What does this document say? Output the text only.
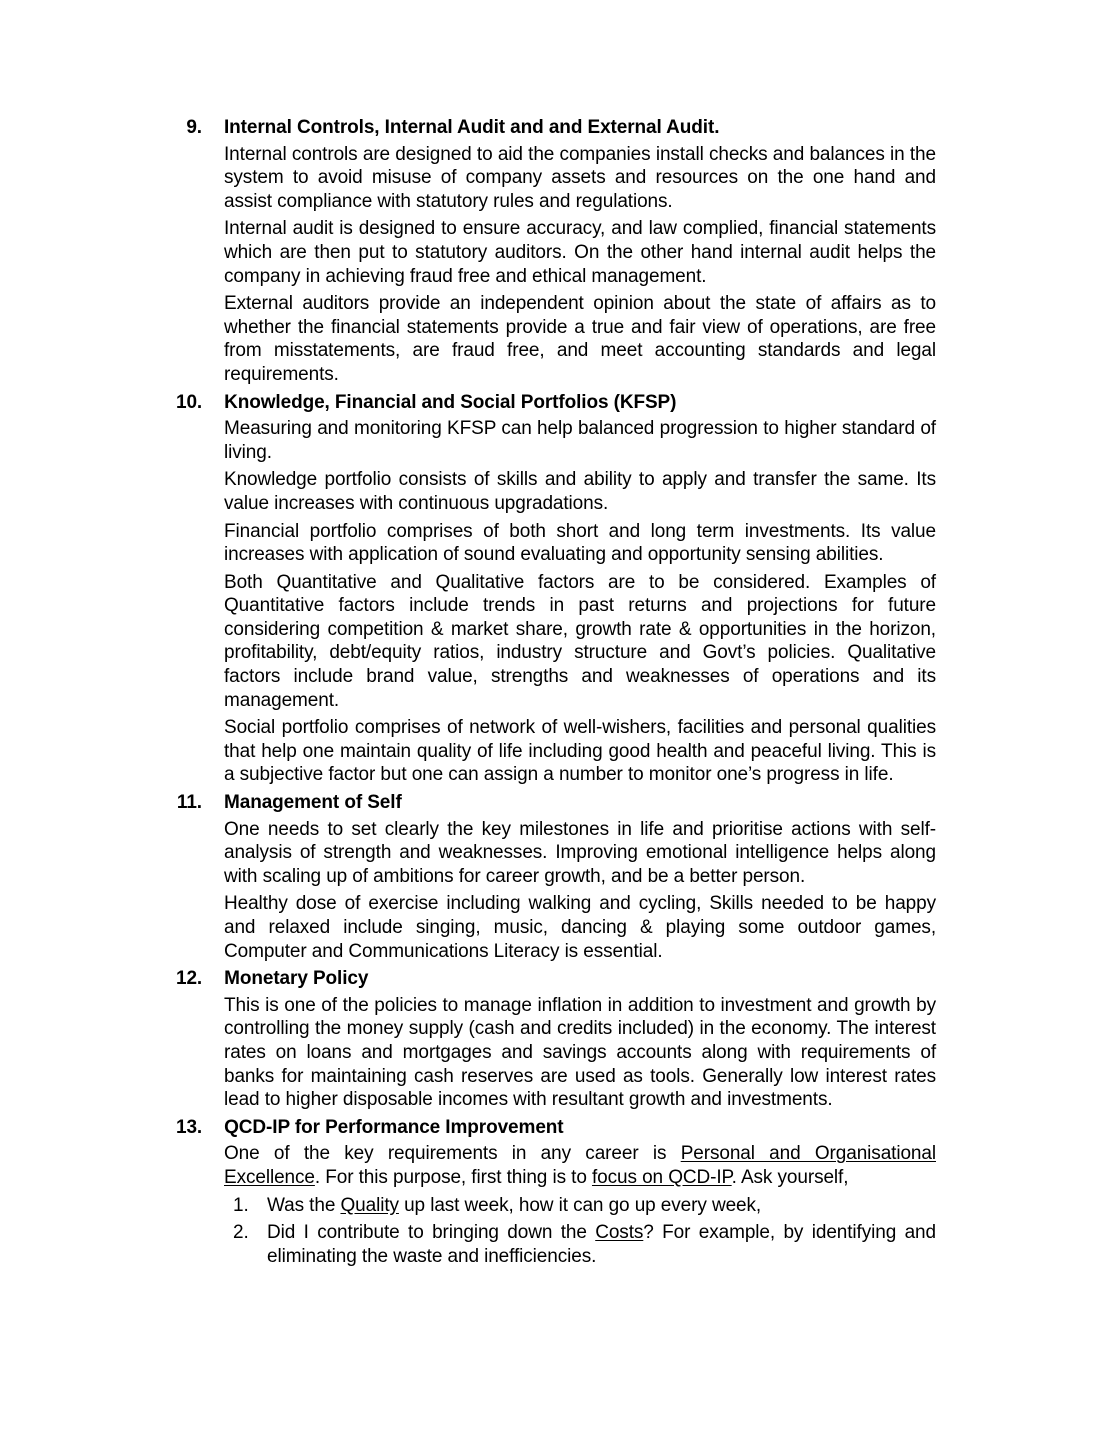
9.	Internal Controls, Internal Audit and and External Audit.

Internal controls are designed to aid the companies install checks and balances in the system to avoid misuse of company assets and resources on the one hand and assist compliance with statutory rules and regulations.

Internal audit is designed to ensure accuracy, and law complied, financial statements which are then put to statutory auditors. On the other hand internal audit helps the company in achieving fraud free and ethical management.

External auditors provide an independent opinion about the state of affairs as to whether the financial statements provide a true and fair view of operations, are free from misstatements, are fraud free, and meet accounting standards and legal requirements.

10.	Knowledge, Financial and Social Portfolios (KFSP)

Measuring and monitoring KFSP can help balanced progression to higher standard of living.

Knowledge portfolio consists of skills and ability to apply and transfer the same. Its value increases with continuous upgradations.

Financial portfolio comprises of both short and long term investments. Its value increases with application of sound evaluating and opportunity sensing abilities.

Both Quantitative and Qualitative factors are to be considered. Examples of Quantitative factors include trends in past returns and projections for future considering competition & market share, growth rate & opportunities in the horizon, profitability, debt/equity ratios, industry structure and Govt’s policies. Qualitative factors include brand value, strengths and weaknesses of operations and its management.

Social portfolio comprises of network of well-wishers, facilities and personal qualities that help one maintain quality of life including good health and peaceful living. This is a subjective factor but one can assign a number to monitor one’s progress in life.

11.	Management of Self

One needs to set clearly the key milestones in life and prioritise actions with self-analysis of strength and weaknesses. Improving emotional intelligence helps along with scaling up of ambitions for career growth, and be a better person.

Healthy dose of exercise including walking and cycling, Skills needed to be happy and relaxed include singing, music, dancing & playing some outdoor games, Computer and Communications Literacy is essential.

12.	Monetary Policy

This is one of the policies to manage inflation in addition to investment and growth by controlling the money supply (cash and credits included) in the economy. The interest rates on loans and mortgages and savings accounts along with requirements of banks for maintaining cash reserves are used as tools. Generally low interest rates lead to higher disposable incomes with resultant growth and investments.

13.	QCD-IP for Performance Improvement

One of the key requirements in any career is Personal and Organisational Excellence. For this purpose, first thing is to focus on QCD-IP. Ask yourself,

1. Was the Quality up last week, how it can go up every week,

2. Did I contribute to bringing down the Costs? For example, by identifying and eliminating the waste and inefficiencies.
